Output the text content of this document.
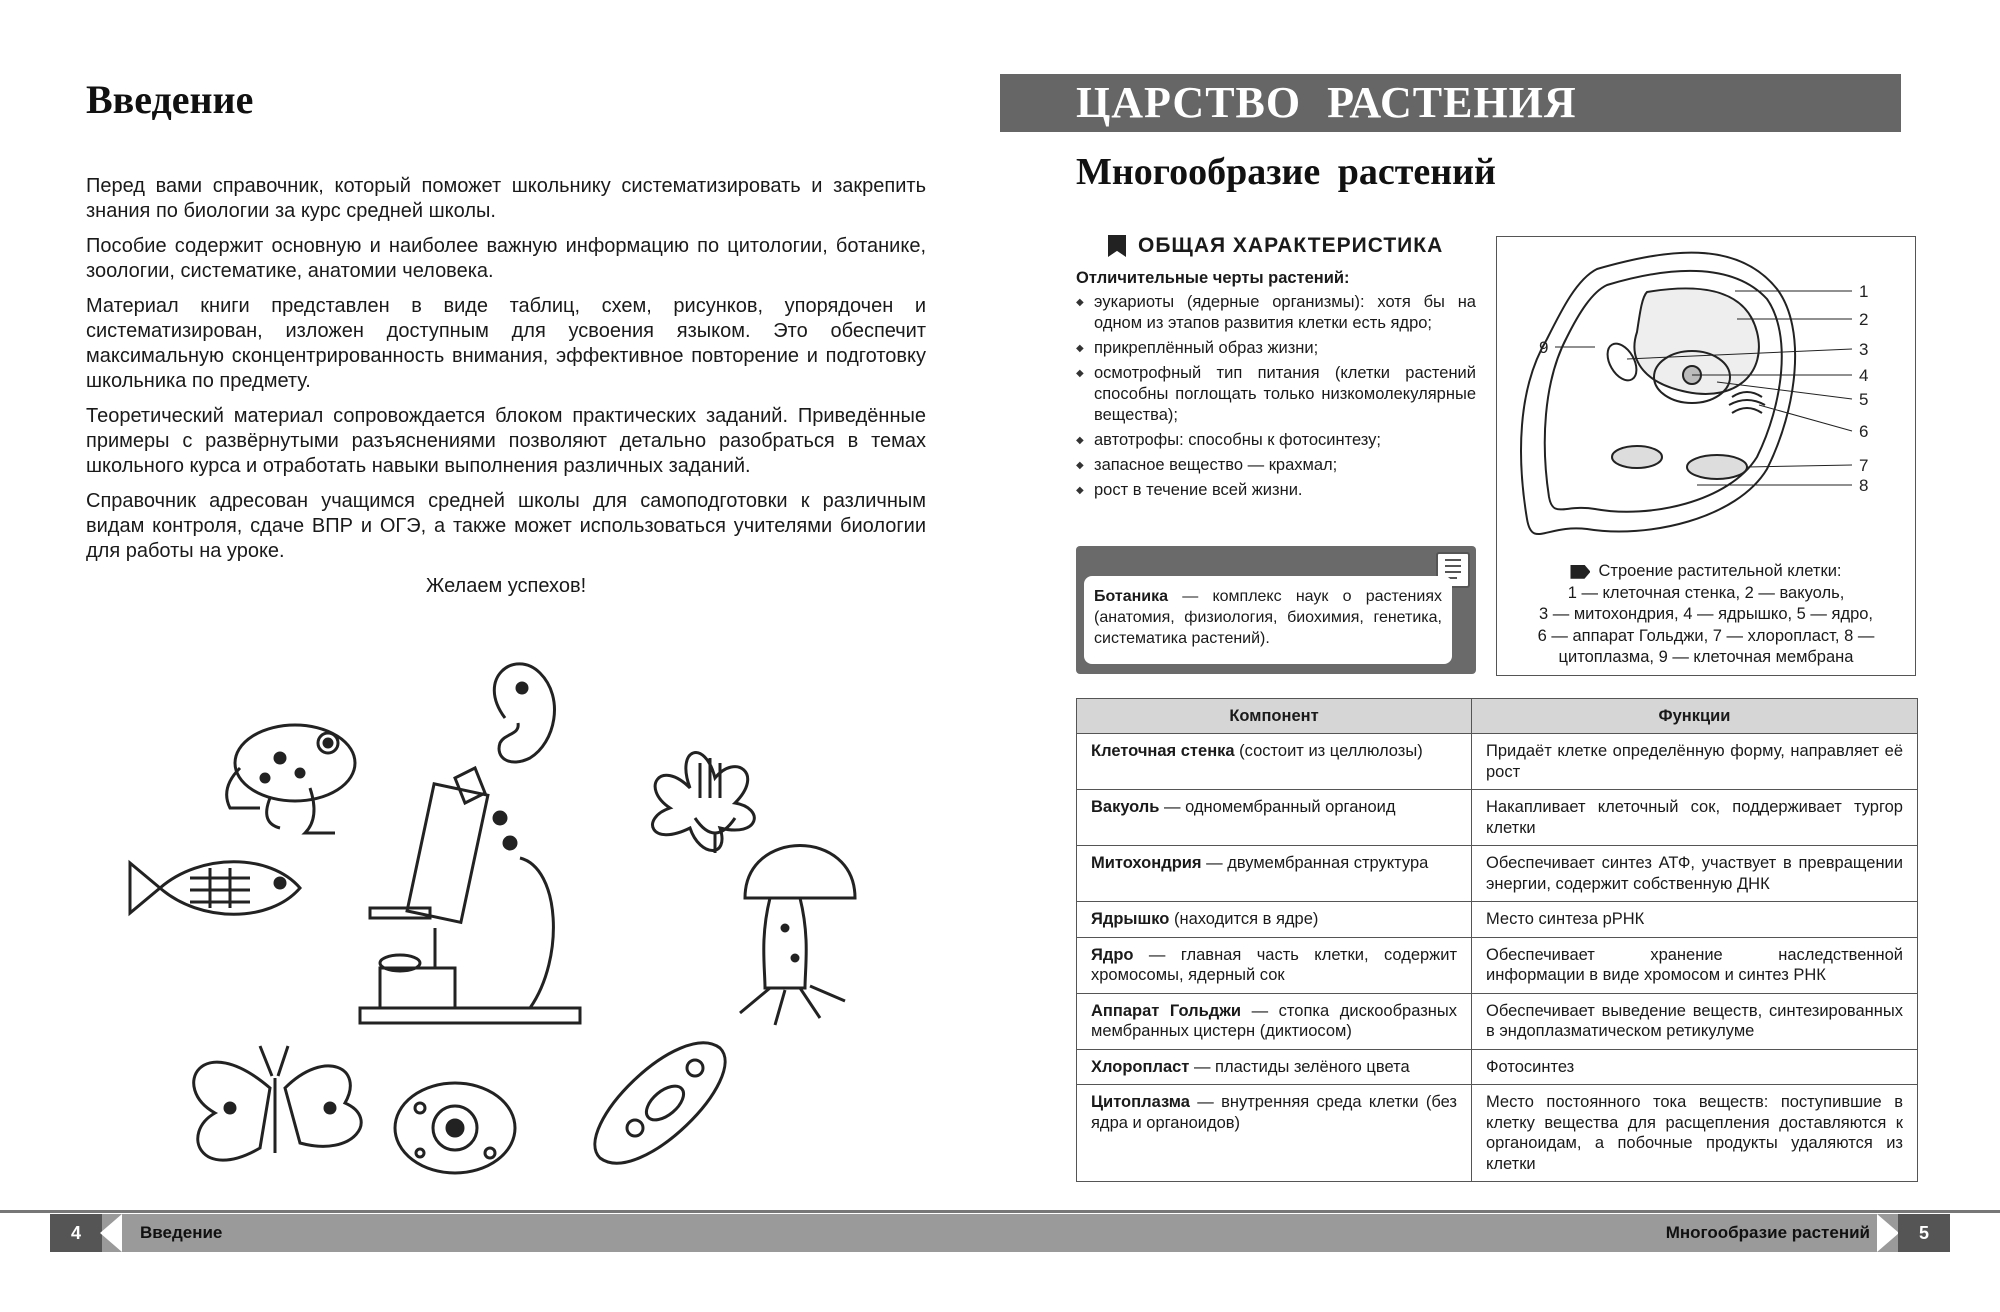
Введение

Перед вами справочник, который поможет школьнику систематизировать и закрепить знания по биологии за курс средней школы.

Пособие содержит основную и наиболее важную информацию по цитологии, ботанике, зоологии, систематике, анатомии человека.

Материал книги представлен в виде таблиц, схем, рисунков, упорядочен и систематизирован, изложен доступным для усвоения языком. Это обеспечит максимальную сконцентрированность внимания, эффективное повторение и подготовку школьника по предмету.

Теоретический материал сопровождается блоком практических заданий. Приведённые примеры с развёрнутыми разъяснениями позволяют детально разобраться в темах школьного курса и отработать навыки выполнения различных заданий.

Справочник адресован учащимся средней школы для самоподготовки к различным видам контроля, сдаче ВПР и ОГЭ, а также может использоваться учителями биологии для работы на уроке.

Желаем успехов!

ЦАРСТВО РАСТЕНИЯ
Многообразие растений
ОБЩАЯ ХАРАКТЕРИСТИКА
Отличительные черты растений:
◆ эукариоты (ядерные организмы): хотя бы на одном из этапов развития клетки есть ядро;
◆ прикреплённый образ жизни;
◆ осмотрофный тип питания (клетки растений способны поглощать только низкомолекулярные вещества);
◆ автотрофы: способны к фотосинтезу;
◆ запасное вещество — крахмал;
◆ рост в течение всей жизни.
Ботаника — комплекс наук о растениях (анатомия, физиология, биохимия, генетика, систематика растений).
1
2
3
4
5
6
7
8
9
Строение растительной клетки:
1 — клеточная стенка, 2 — вакуоль,
3 — митохондрия, 4 — ядрышко, 5 — ядро,
6 — аппарат Гольджи, 7 — хлоропласт, 8 —
цитоплазма, 9 — клеточная мембрана
Компонент	Функции
Клеточная стенка (состоит из целлюлозы)	Придаёт клетке определённую форму, направляет её рост
Вакуоль — одномембранный органоид	Накапливает клеточный сок, поддерживает тургор клетки
Митохондрия — двумембранная структура	Обеспечивает синтез АТФ, участвует в превращении энергии, содержит собственную ДНК
Ядрышко (находится в ядре)	Место синтеза рРНК
Ядро — главная часть клетки, содержит хромосомы, ядерный сок	Обеспечивает хранение наследственной информации в виде хромосом и синтез РНК
Аппарат Гольджи — стопка дискообразных мембранных цистерн (диктиосом)	Обеспечивает выведение веществ, синтезированных в эндоплазматическом ретикулуме
Хлоропласт — пластиды зелёного цвета	Фотосинтез
Цитоплазма — внутренняя среда клетки (без ядра и органоидов)	Место постоянного тока веществ: поступившие в клетку вещества для расщепления доставляются к органоидам, а побочные продукты удаляются из клетки
4	Введение	Многообразие растений	5
